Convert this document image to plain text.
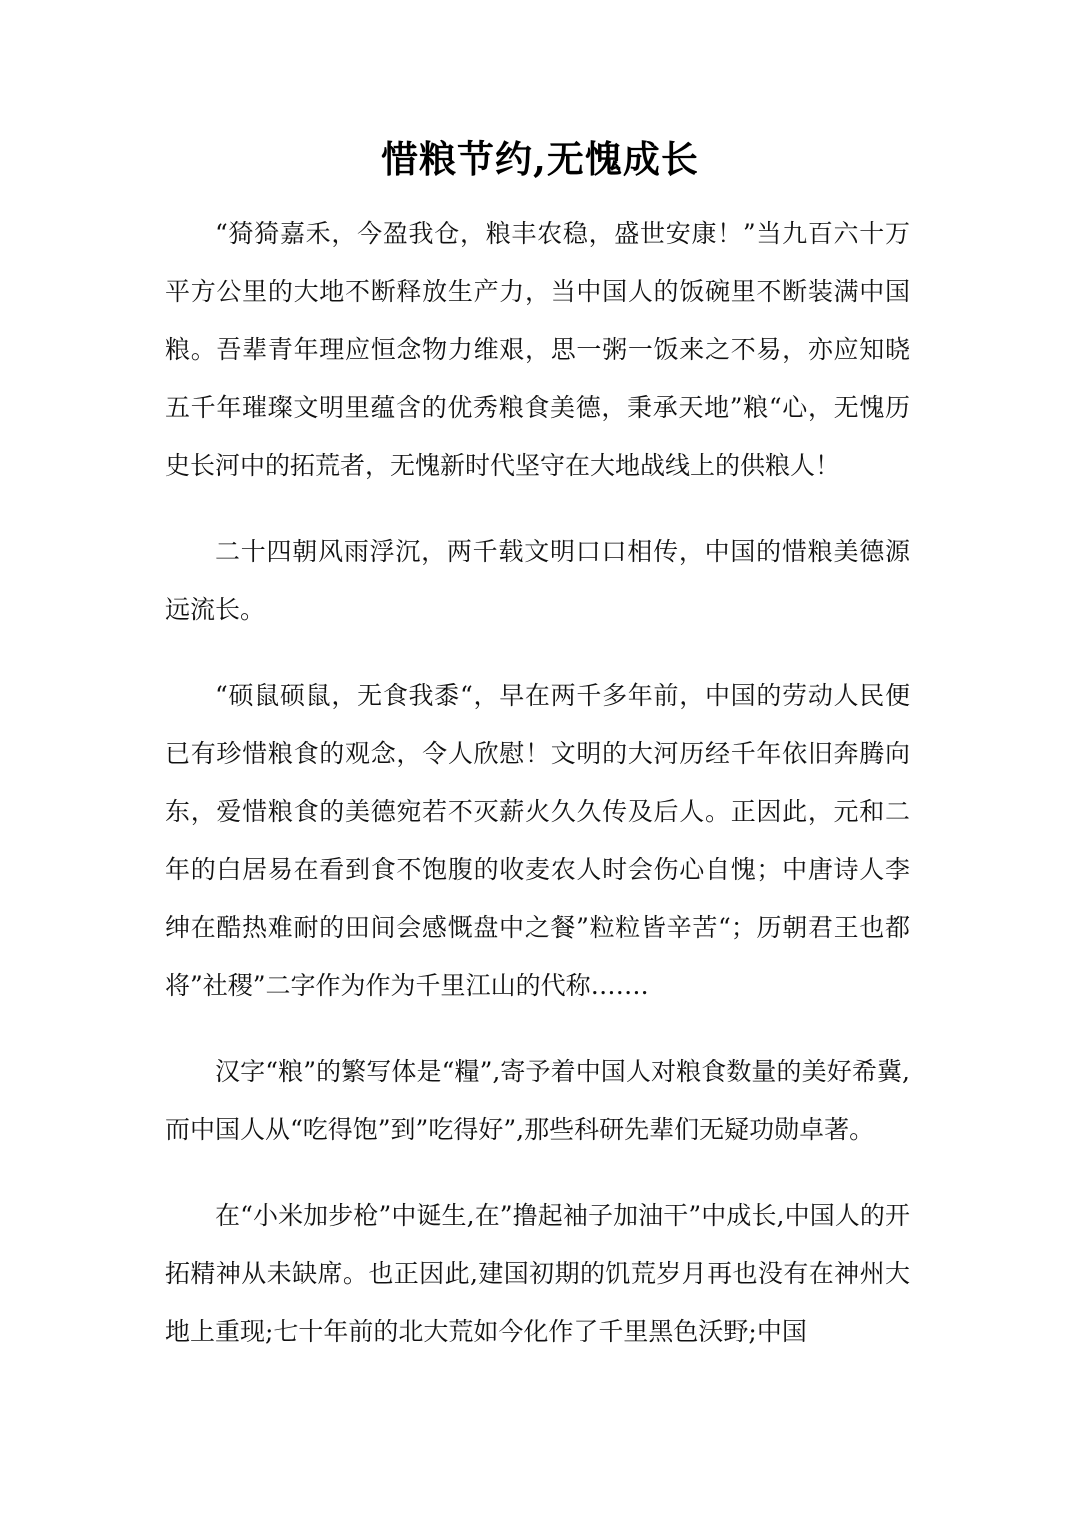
惜粮节约,无愧成长

“猗猗嘉禾，今盈我仓，粮丰农稳，盛世安康！”当九百六十万平方公里的大地不断释放生产力，当中国人的饭碗里不断装满中国粮。吾辈青年理应恒念物力维艰，思一粥一饭来之不易，亦应知晓五千年璀璨文明里蕴含的优秀粮食美德，秉承天地”粮“心，无愧历史长河中的拓荒者，无愧新时代坚守在大地战线上的供粮人！

二十四朝风雨浮沉，两千载文明口口相传，中国的惜粮美德源远流长。

“硕鼠硕鼠，无食我黍“，早在两千多年前，中国的劳动人民便已有珍惜粮食的观念，令人欣慰！文明的大河历经千年依旧奔腾向东，爱惜粮食的美德宛若不灭薪火久久传及后人。正因此，元和二年的白居易在看到食不饱腹的收麦农人时会伤心自愧；中唐诗人李绅在酷热难耐的田间会感慨盘中之餐”粒粒皆辛苦“；历朝君王也都将”社稷”二字作为作为千里江山的代称…….

汉字“粮”的繁写体是“糧”,寄予着中国人对粮食数量的美好希冀,而中国人从“吃得饱”到”吃得好”,那些科研先辈们无疑功勋卓著。

在“小米加步枪”中诞生,在”撸起袖子加油干”中成长,中国人的开拓精神从未缺席。也正因此,建国初期的饥荒岁月再也没有在神州大地上重现;七十年前的北大荒如今化作了千里黑色沃野;中国
